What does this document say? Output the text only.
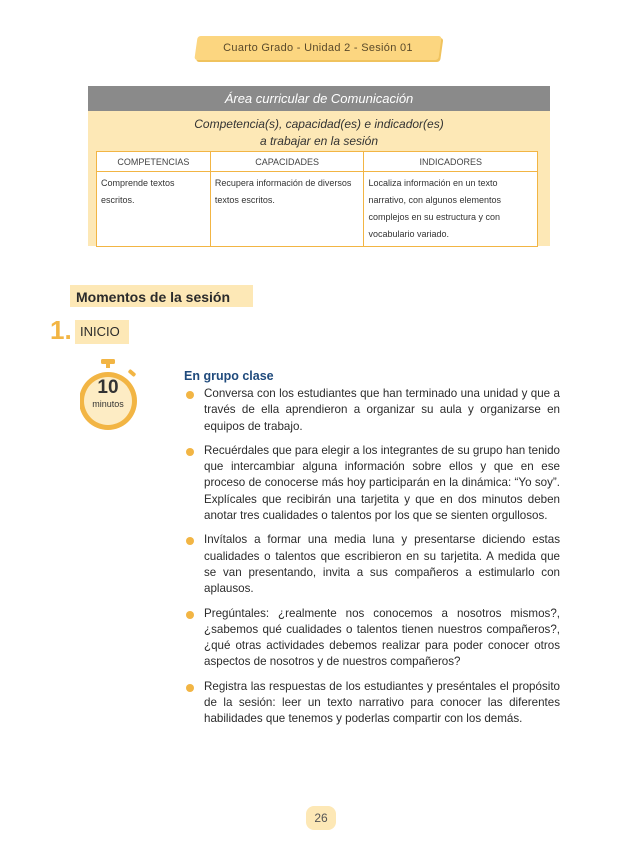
Cuarto Grado - Unidad 2 - Sesión 01
Área curricular de Comunicación
Competencia(s), capacidad(es) e indicador(es)
a trabajar en la sesión
COMPETENCIAS	CAPACIDADES	INDICADORES
Comprende textos escritos.	Recupera información de diversos textos escritos.	Localiza información en un texto narrativo, con algunos elementos complejos en su estructura y con vocabulario variado.
Momentos de la sesión
1. INICIO
10
minutos
En grupo clase
Conversa con los estudiantes que han terminado una unidad y que a través de ella aprendieron a organizar su aula y organizarse en equipos de trabajo.
Recuérdales que para elegir a los integrantes de su grupo han tenido que intercambiar alguna información sobre ellos y que en ese proceso de conocerse más hoy participarán en la dinámica: “Yo soy”. Explícales que recibirán una tarjetita y que en dos minutos deben anotar tres cualidades o talentos por los que se sienten orgullosos.
Invítalos a formar una media luna y presentarse diciendo estas cualidades o talentos que escribieron en su tarjetita. A medida que se van presentando, invita a sus compañeros a estimularlo con aplausos.
Pregúntales: ¿realmente nos conocemos a nosotros mismos?, ¿sabemos qué cualidades o talentos tienen nuestros compañeros?, ¿qué otras actividades debemos realizar para poder conocer otros aspectos de nosotros y de nuestros compañeros?
Registra las respuestas de los estudiantes y preséntales el propósito de la sesión: leer un texto narrativo para conocer las diferentes habilidades que tenemos y poderlas compartir con los demás.
26
